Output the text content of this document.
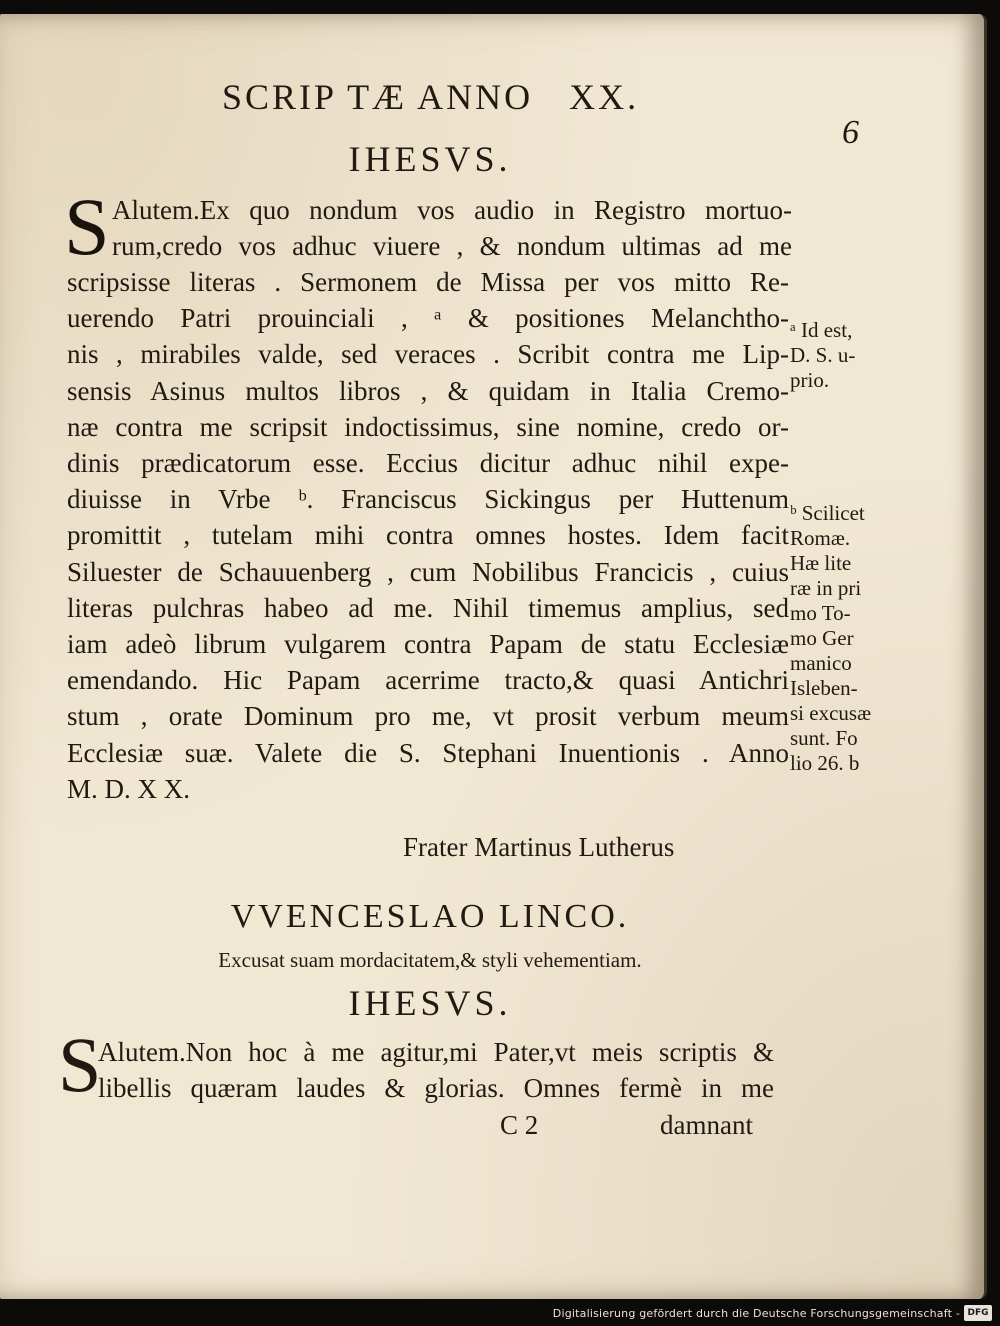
SCRIP TÆ ANNO   XX.
6
IHESVS.
S Alutem.Ex quo nondum vos audio in Registro mortuo-
rum,credo vos adhuc viuere , & nondum ultimas ad me
scripsisse literas . Sermonem de Missa per vos mitto Re-
uerendo Patri prouinciali , ᵃ & positiones Melanchtho-
nis , mirabiles valde, sed veraces . Scribit contra me Lip-
sensis Asinus multos libros , & quidam in Italia Cremo-
næ contra me scripsit indoctissimus, sine nomine, credo or-
dinis prædicatorum esse. Eccius dicitur adhuc nihil expe-
diuisse in Vrbe ᵇ. Franciscus Sickingus per Huttenum
promittit , tutelam mihi contra omnes hostes. Idem facit
Siluester de Schauuenberg , cum Nobilibus Francicis , cuius
literas pulchras habeo ad me. Nihil timemus amplius, sed
iam adeò librum vulgarem contra Papam de statu Ecclesiæ
emendando. Hic Papam acerrime tracto,& quasi Antichri
stum , orate Dominum pro me, vt prosit verbum meum
Ecclesiæ suæ. Valete die S. Stephani Inuentionis . Anno
M. D. X X.
Frater Martinus Lutherus
ᵃ Id est,
D. S. u-
prio.
ᵇ Scilicet
Romæ.
Hæ lite
ræ in pri
mo To-
mo Ger
manico
Isleben-
si excusæ
sunt. Fo
lio 26. b
VVENCESLAO LINCO.
Excusat suam mordacitatem,& styli vehementiam.
IHESVS.
S
Alutem.Non hoc à me agitur,mi Pater,vt meis scriptis &
libellis quæram laudes & glorias. Omnes fermè in me
C 2	damnant
Digitalisierung gefördert durch die Deutsche Forschungsgemeinschaft - DFG
